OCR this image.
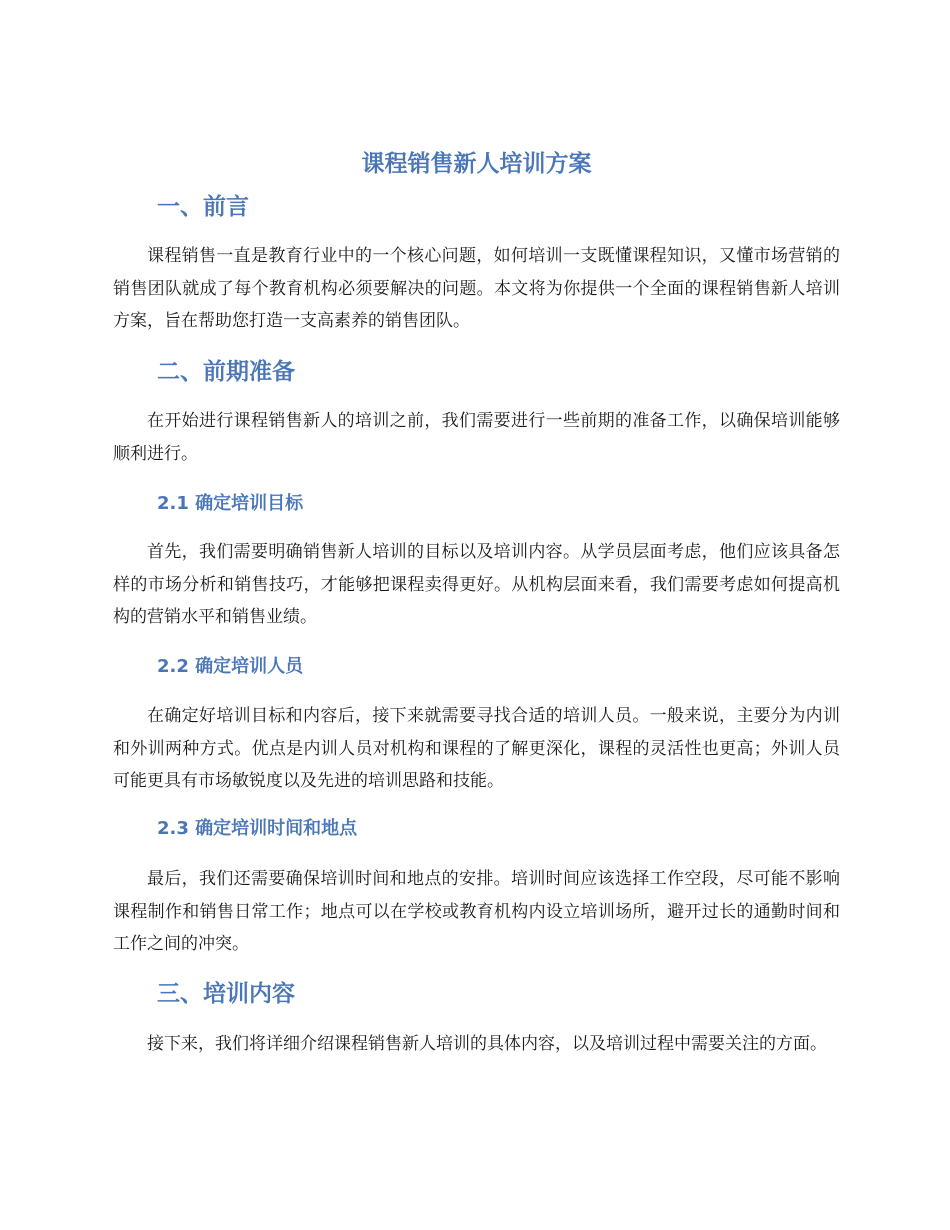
课程销售新人培训方案
一、前言

课程销售一直是教育行业中的一个核心问题，如何培训一支既懂课程知识，又懂市场营销的销售团队就成了每个教育机构必须要解决的问题。本文将为你提供一个全面的课程销售新人培训方案，旨在帮助您打造一支高素养的销售团队。

二、前期准备

在开始进行课程销售新人的培训之前，我们需要进行一些前期的准备工作，以确保培训能够顺利进行。

2.1 确定培训目标

首先，我们需要明确销售新人培训的目标以及培训内容。从学员层面考虑，他们应该具备怎样的市场分析和销售技巧，才能够把课程卖得更好。从机构层面来看，我们需要考虑如何提高机构的营销水平和销售业绩。

2.2 确定培训人员

在确定好培训目标和内容后，接下来就需要寻找合适的培训人员。一般来说，主要分为内训和外训两种方式。优点是内训人员对机构和课程的了解更深化，课程的灵活性也更高；外训人员可能更具有市场敏锐度以及先进的培训思路和技能。

2.3 确定培训时间和地点

最后，我们还需要确保培训时间和地点的安排。培训时间应该选择工作空段，尽可能不影响课程制作和销售日常工作；地点可以在学校或教育机构内设立培训场所，避开过长的通勤时间和工作之间的冲突。

三、培训内容

接下来，我们将详细介绍课程销售新人培训的具体内容，以及培训过程中需要关注的方面。
